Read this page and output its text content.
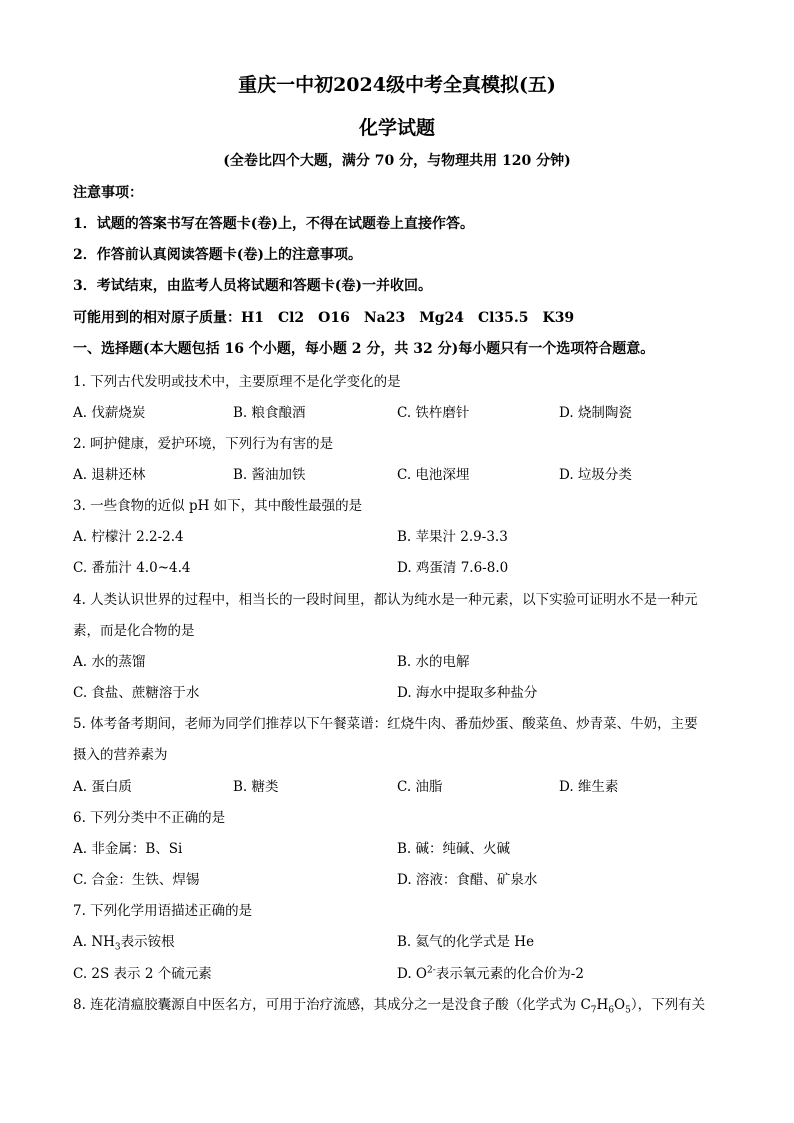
重庆一中初2024级中考全真模拟(五)
化学试题
(全卷比四个大题，满分 70 分，与物理共用 120 分钟)
注意事项：
1．试题的答案书写在答题卡(卷)上，不得在试题卷上直接作答。
2．作答前认真阅读答题卡(卷)上的注意事项。
3．考试结束，由监考人员将试题和答题卡(卷)一并收回。
可能用到的相对原子质量：H1　Cl2　O16　Na23　Mg24　Cl35.5　K39
一、选择题(本大题包括 16 个小题，每小题 2 分，共 32 分)每小题只有一个选项符合题意。
1. 下列古代发明或技术中，主要原理不是化学变化的是
A. 伐薪烧炭	B. 粮食酿酒	C. 铁杵磨针	D. 烧制陶瓷
2. 呵护健康，爱护环境，下列行为有害的是
A. 退耕还林	B. 酱油加铁	C. 电池深埋	D. 垃圾分类
3. 一些食物的近似 pH 如下，其中酸性最强的是
A. 柠檬汁 2.2-2.4	B. 苹果汁 2.9-3.3
C. 番茄汁 4.0~4.4	D. 鸡蛋清 7.6-8.0
4. 人类认识世界的过程中，相当长的一段时间里，都认为纯水是一种元素，以下实验可证明水不是一种元
素，而是化合物的是
A. 水的蒸馏	B. 水的电解
C. 食盐、蔗糖溶于水	D. 海水中提取多种盐分
5. 体考备考期间，老师为同学们推荐以下午餐菜谱：红烧牛肉、番茄炒蛋、酸菜鱼、炒青菜、牛奶，主要
摄入的营养素为
A. 蛋白质	B. 糖类	C. 油脂	D. 维生素
6. 下列分类中不正确的是
A. 非金属：B、Si	B. 碱：纯碱、火碱
C. 合金：生铁、焊锡	D. 溶液：食醋、矿泉水
7. 下列化学用语描述正确的是
A. $NH_3$表示铵根	B. 氦气的化学式是 He
C. 2S 表示 2 个硫元素	D. $O^{2-}$表示氧元素的化合价为-2
8. 连花清瘟胶囊源自中医名方，可用于治疗流感，其成分之一是没食子酸（化学式为 $C_7H_6O_5$），下列有关
